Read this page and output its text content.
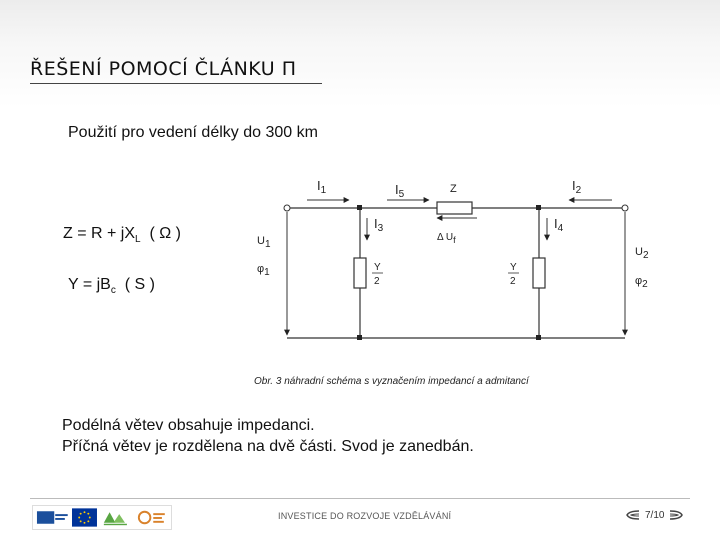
ŘEŠENÍ POMOCÍ ČLÁNKU Π
Použití pro vedení délky do 300 km
$Z = R + jX_L$ ( Ω )
$Y = jB_c$ ( S )
$I_1$	$I_5$	Z	$I_2$
$I_3$	$I_4$
Δ Uf
U1
φ1
U2
φ2
Y
2
Y
2
Obr. 3 náhradní schéma s vyznačením impedancí a admitancí
Podélná větev obsahuje impedanci.
Příčná větev je rozdělena na dvě části. Svod je zanedbán.
INVESTICE DO ROZVOJE VZDĚLÁVÁNÍ	7/10
